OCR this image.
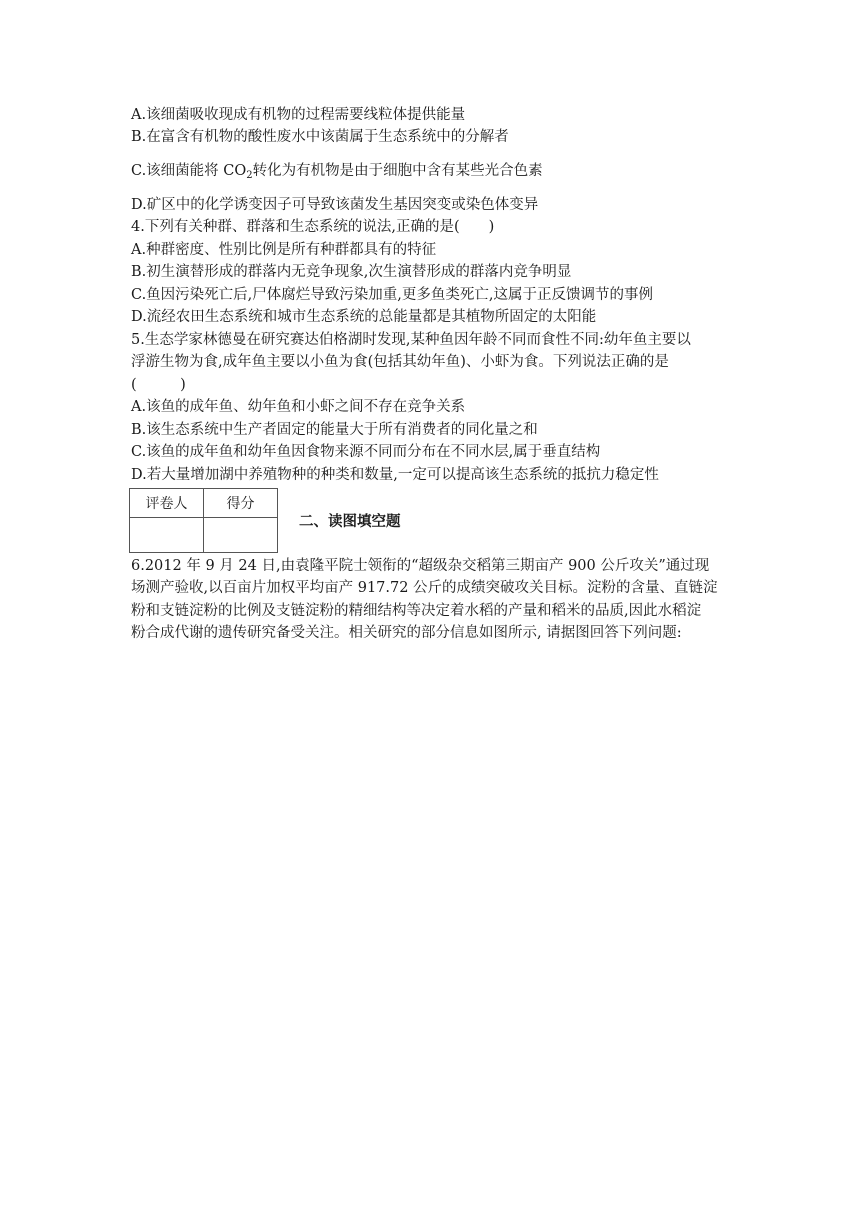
A.该细菌吸收现成有机物的过程需要线粒体提供能量
B.在富含有机物的酸性废水中该菌属于生态系统中的分解者
C.该细菌能将 $CO_2$转化为有机物是由于细胞中含有某些光合色素
D.矿区中的化学诱变因子可导致该菌发生基因突变或染色体变异
4.下列有关种群、群落和生态系统的说法,正确的是(　　)
A.种群密度、性别比例是所有种群都具有的特征
B.初生演替形成的群落内无竞争现象,次生演替形成的群落内竞争明显
C.鱼因污染死亡后,尸体腐烂导致污染加重,更多鱼类死亡,这属于正反馈调节的事例
D.流经农田生态系统和城市生态系统的总能量都是其植物所固定的太阳能
5.生态学家林德曼在研究赛达伯格湖时发现,某种鱼因年龄不同而食性不同:幼年鱼主要以
浮游生物为食,成年鱼主要以小鱼为食(包括其幼年鱼)、小虾为食。下列说法正确的是
(　　　)
A.该鱼的成年鱼、幼年鱼和小虾之间不存在竞争关系
B.该生态系统中生产者固定的能量大于所有消费者的同化量之和
C.该鱼的成年鱼和幼年鱼因食物来源不同而分布在不同水层,属于垂直结构
D.若大量增加湖中养殖物种的种类和数量,一定可以提高该生态系统的抵抗力稳定性
评卷人	得分

二、读图填空题
6.2012 年 9 月 24 日,由袁隆平院士领衔的“超级杂交稻第三期亩产 900 公斤攻关”通过现
场测产验收,以百亩片加权平均亩产 917.72 公斤的成绩突破攻关目标。淀粉的含量、直链淀
粉和支链淀粉的比例及支链淀粉的精细结构等决定着水稻的产量和稻米的品质,因此水稻淀
粉合成代谢的遗传研究备受关注。相关研究的部分信息如图所示, 请据图回答下列问题:
